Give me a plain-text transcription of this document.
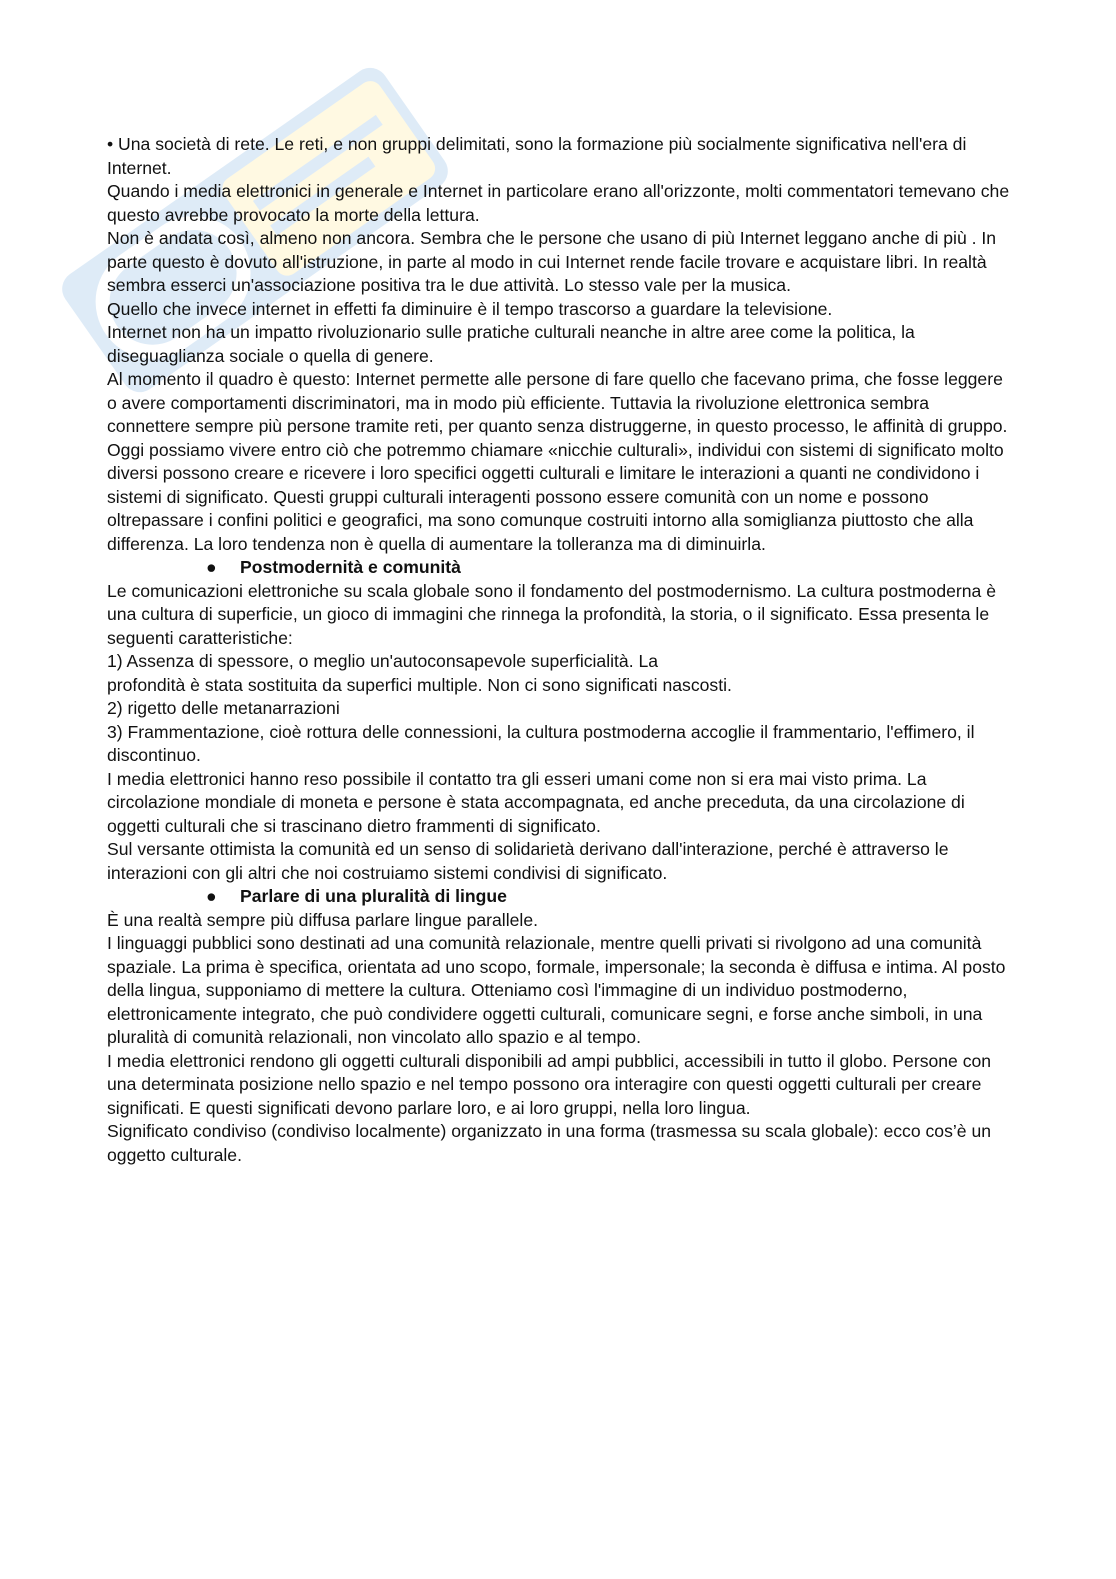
• Una società di rete. Le reti, e non gruppi delimitati, sono la formazione più socialmente significativa nell'era di Internet.

Quando i media elettronici in generale e Internet in particolare erano all'orizzonte, molti commentatori temevano che questo avrebbe provocato la morte della lettura.

Non è andata così, almeno non ancora. Sembra che le persone che usano di più Internet leggano anche di più . In parte questo è dovuto all'istruzione, in parte al modo in cui Internet rende facile trovare e acquistare libri. In realtà sembra esserci un'associazione positiva tra le due attività. Lo stesso vale per la musica.

Quello che invece internet in effetti fa diminuire è il tempo trascorso a guardare la televisione.

Internet non ha un impatto rivoluzionario sulle pratiche culturali neanche in altre aree come la politica, la diseguaglianza sociale o quella di genere.

Al momento il quadro è questo: Internet permette alle persone di fare quello che facevano prima, che fosse leggere o avere comportamenti discriminatori, ma in modo più efficiente. Tuttavia la rivoluzione elettronica sembra connettere sempre più persone tramite reti, per quanto senza distruggerne, in questo processo, le affinità di gruppo.

Oggi possiamo vivere entro ciò che potremmo chiamare «nicchie culturali», individui con sistemi di significato molto diversi possono creare e ricevere i loro specifici oggetti culturali e limitare le interazioni a quanti ne condividono i sistemi di significato. Questi gruppi culturali interagenti possono essere comunità con un nome e possono oltrepassare i confini politici e geografici, ma sono comunque costruiti intorno alla somiglianza piuttosto che alla differenza. La loro tendenza non è quella di aumentare la tolleranza ma di diminuirla.

● Postmodernità e comunità

Le comunicazioni elettroniche su scala globale sono il fondamento del postmodernismo. La cultura postmoderna è una cultura di superficie, un gioco di immagini che rinnega la profondità, la storia, o il significato. Essa presenta le seguenti caratteristiche:

1) Assenza di spessore, o meglio un'autoconsapevole superficialità. La

profondità è stata sostituita da superfici multiple. Non ci sono significati nascosti.

2) rigetto delle metanarrazioni

3) Frammentazione, cioè rottura delle connessioni, la cultura postmoderna accoglie il frammentario, l'effimero, il discontinuo.

I media elettronici hanno reso possibile il contatto tra gli esseri umani come non si era mai visto prima. La circolazione mondiale di moneta e persone è stata accompagnata, ed anche preceduta, da una circolazione di oggetti culturali che si trascinano dietro frammenti di significato.

Sul versante ottimista la comunità ed un senso di solidarietà derivano dall'interazione, perché è attraverso le interazioni con gli altri che noi costruiamo sistemi condivisi di significato.

● Parlare di una pluralità di lingue

È una realtà sempre più diffusa parlare lingue parallele.

I linguaggi pubblici sono destinati ad una comunità relazionale, mentre quelli privati si rivolgono ad una comunità spaziale. La prima è specifica, orientata ad uno scopo, formale, impersonale; la seconda è diffusa e intima. Al posto della lingua, supponiamo di mettere la cultura. Otteniamo così l'immagine di un individuo postmoderno, elettronicamente integrato, che può condividere oggetti culturali, comunicare segni, e forse anche simboli, in una pluralità di comunità relazionali, non vincolato allo spazio e al tempo.

I media elettronici rendono gli oggetti culturali disponibili ad ampi pubblici, accessibili in tutto il globo. Persone con una determinata posizione nello spazio e nel tempo possono ora interagire con questi oggetti culturali per creare significati. E questi significati devono parlare loro, e ai loro gruppi, nella loro lingua.

Significato condiviso (condiviso localmente) organizzato in una forma (trasmessa su scala globale): ecco cos’è un oggetto culturale.
